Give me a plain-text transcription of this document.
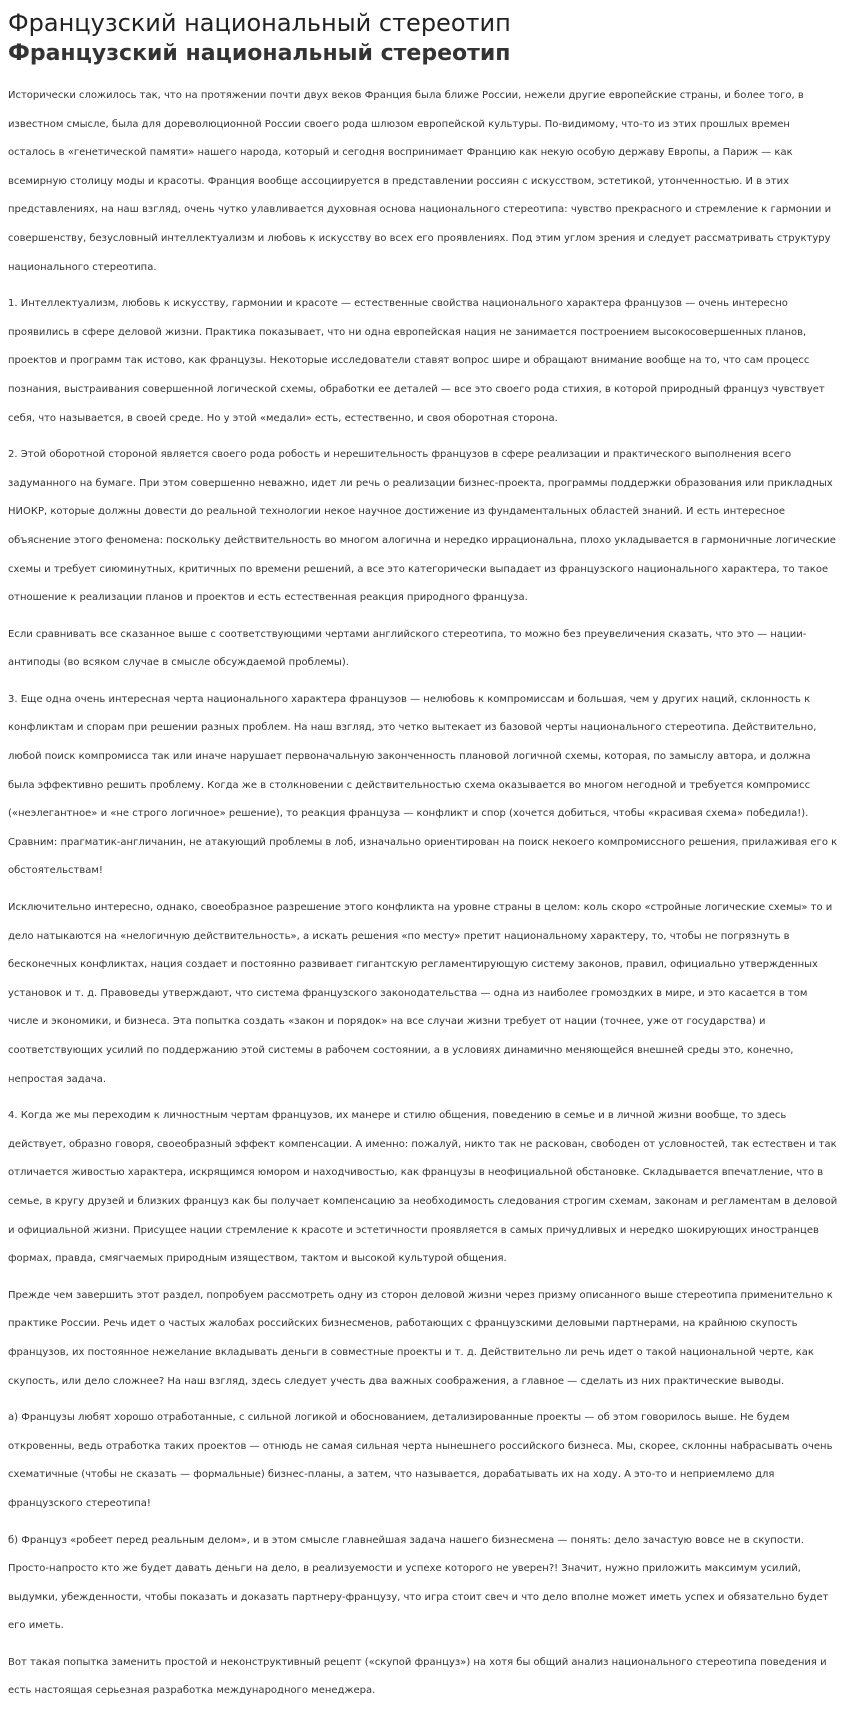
Французский национальный стереотип
Французский национальный стереотип

Исторически сложилось так, что на протяжении почти двух веков Франция была ближе России, нежели другие европейские страны, и более того, в известном смысле, была для дореволюционной России своего рода шлюзом европейской культуры. По-видимому, что-то из этих прошлых времен осталось в «генетической памяти» нашего народа, который и сегодня воспринимает Францию как некую особую державу Европы, а Париж — как всемирную столицу моды и красоты. Франция вообще ассоциируется в представлении россиян с искусством, эстетикой, утонченностью. И в этих представлениях, на наш взгляд, очень чутко улавливается духовная основа национального стереотипа: чувство прекрасного и стремление к гармонии и совершенству, безусловный интеллектуализм и любовь к искусству во всех его проявлениях. Под этим углом зрения и следует рассматривать структуру национального стереотипа.

1. Интеллектуализм, любовь к искусству, гармонии и красоте — естественные свойства национального характера французов — очень интересно проявились в сфере деловой жизни. Практика показывает, что ни одна европейская нация не занимается построением высокосовершенных планов, проектов и программ так истово, как французы. Некоторые исследователи ставят вопрос шире и обращают внимание вообще на то, что сам процесс познания, выстраивания совершенной логической схемы, обработки ее деталей — все это своего рода стихия, в которой природный француз чувствует себя, что называется, в своей среде. Но у этой «медали» есть, естественно, и своя оборотная сторона.

2. Этой оборотной стороной является своего рода робость и нерешительность французов в сфере реализации и практического выполнения всего задуманного на бумаге. При этом совершенно неважно, идет ли речь о реализации бизнес-проекта, программы поддержки образования или прикладных НИОКР, которые должны довести до реальной технологии некое научное достижение из фундаментальных областей знаний. И есть интересное объяснение этого феномена: поскольку действительность во многом алогична и нередко иррациональна, плохо укладывается в гармоничные логические схемы и требует сиюминутных, критичных по времени решений, а все это категорически выпадает из французского национального характера, то такое отношение к реализации планов и проектов и есть естественная реакция природного француза.

Если сравнивать все сказанное выше с соответствующими чертами английского стереотипа, то можно без преувеличения сказать, что это — нации-антиподы (во всяком случае в смысле обсуждаемой проблемы).

3. Еще одна очень интересная черта национального характера французов — нелюбовь к компромиссам и большая, чем у других наций, склонность к конфликтам и спорам при решении разных проблем. На наш взгляд, это четко вытекает из базовой черты национального стереотипа. Действительно, любой поиск компромисса так или иначе нарушает первоначальную законченность плановой логичной схемы, которая, по замыслу автора, и должна была эффективно решить проблему. Когда же в столкновении с действительностью схема оказывается во многом негодной и требуется компромисс («неэлегантное» и «не строго логичное» решение), то реакция француза — конфликт и спор (хочется добиться, чтобы «красивая схема» победила!). Сравним: прагматик-англичанин, не атакующий проблемы в лоб, изначально ориентирован на поиск некоего компромиссного решения, прилаживая его к обстоятельствам!

Исключительно интересно, однако, своеобразное разрешение этого конфликта на уровне страны в целом: коль скоро «стройные логические схемы» то и дело натыкаются на «нелогичную действительность», а искать решения «по месту» претит национальному характеру, то, чтобы не погрязнуть в бесконечных конфликтах, нация создает и постоянно развивает гигантскую регламентирующую систему законов, правил, официально утвержденных установок и т. д. Правоведы утверждают, что система французского законодательства — одна из наиболее громоздких в мире, и это касается в том числе и экономики, и бизнеса. Эта попытка создать «закон и порядок» на все случаи жизни требует от нации (точнее, уже от государства) и соответствующих усилий по поддержанию этой системы в рабочем состоянии, а в условиях динамично меняющейся внешней среды это, конечно, непростая задача.

4. Когда же мы переходим к личностным чертам французов, их манере и стилю общения, поведению в семье и в личной жизни вообще, то здесь действует, образно говоря, своеобразный эффект компенсации. А именно: пожалуй, никто так не раскован, свободен от условностей, так естествен и так отличается живостью характера, искрящимся юмором и находчивостью, как французы в неофициальной обстановке. Складывается впечатление, что в семье, в кругу друзей и близких француз как бы получает компенсацию за необходимость следования строгим схемам, законам и регламентам в деловой и официальной жизни. Присущее нации стремление к красоте и эстетичности проявляется в самых причудливых и нередко шокирующих иностранцев формах, правда, смягчаемых природным изяществом, тактом и высокой культурой общения.

Прежде чем завершить этот раздел, попробуем рассмотреть одну из сторон деловой жизни через призму описанного выше стереотипа применительно к практике России. Речь идет о частых жалобах российских бизнесменов, работающих с французскими деловыми партнерами, на крайнюю скупость французов, их постоянное нежелание вкладывать деньги в совместные проекты и т. д. Действительно ли речь идет о такой национальной черте, как скупость, или дело сложнее? На наш взгляд, здесь следует учесть два важных соображения, а главное — сделать из них практические выводы.

а) Французы любят хорошо отработанные, с сильной логикой и обоснованием, детализированные проекты — об этом говорилось выше. Не будем откровенны, ведь отработка таких проектов — отнюдь не самая сильная черта нынешнего российского бизнеса. Мы, скорее, склонны набрасывать очень схематичные (чтобы не сказать — формальные) бизнес-планы, а затем, что называется, дорабатывать их на ходу. А это-то и неприемлемо для французского стереотипа!

б) Француз «робеет перед реальным делом», и в этом смысле главнейшая задача нашего бизнесмена — понять: дело зачастую вовсе не в скупости. Просто-напросто кто же будет давать деньги на дело, в реализуемости и успехе которого не уверен?! Значит, нужно приложить максимум усилий, выдумки, убежденности, чтобы показать и доказать партнеру-французу, что игра стоит свеч и что дело вполне может иметь успех и обязательно будет его иметь.

Вот такая попытка заменить простой и неконструктивный рецепт («скупой француз») на хотя бы общий анализ национального стереотипа поведения и есть настоящая серьезная разработка международного менеджера.
